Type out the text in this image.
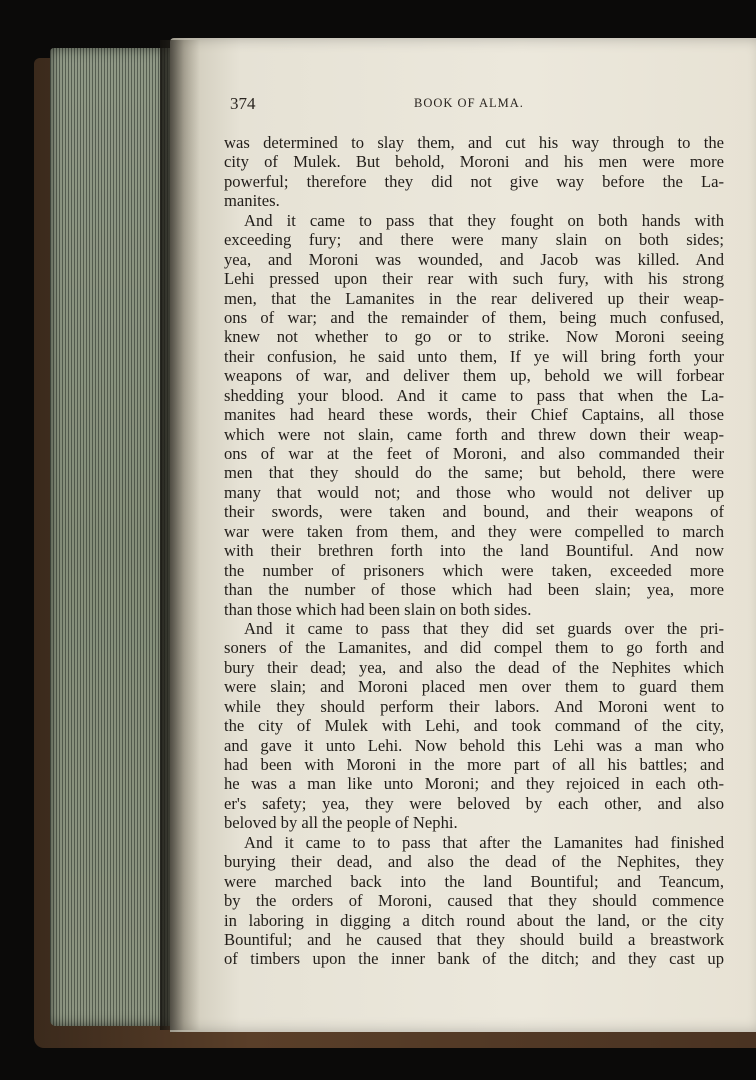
374	BOOK OF ALMA.
was determined to slay them, and cut his way through to the
city of Mulek. But behold, Moroni and his men were more
powerful; therefore they did not give way before the La-
manites.
And it came to pass that they fought on both hands with
exceeding fury; and there were many slain on both sides;
yea, and Moroni was wounded, and Jacob was killed. And
Lehi pressed upon their rear with such fury, with his strong
men, that the Lamanites in the rear delivered up their weap-
ons of war; and the remainder of them, being much confused,
knew not whether to go or to strike. Now Moroni seeing
their confusion, he said unto them, If ye will bring forth your
weapons of war, and deliver them up, behold we will forbear
shedding your blood. And it came to pass that when the La-
manites had heard these words, their Chief Captains, all those
which were not slain, came forth and threw down their weap-
ons of war at the feet of Moroni, and also commanded their
men that they should do the same; but behold, there were
many that would not; and those who would not deliver up
their swords, were taken and bound, and their weapons of
war were taken from them, and they were compelled to march
with their brethren forth into the land Bountiful. And now
the number of prisoners which were taken, exceeded more
than the number of those which had been slain; yea, more
than those which had been slain on both sides.
And it came to pass that they did set guards over the pri-
soners of the Lamanites, and did compel them to go forth and
bury their dead; yea, and also the dead of the Nephites which
were slain; and Moroni placed men over them to guard them
while they should perform their labors. And Moroni went to
the city of Mulek with Lehi, and took command of the city,
and gave it unto Lehi. Now behold this Lehi was a man who
had been with Moroni in the more part of all his battles; and
he was a man like unto Moroni; and they rejoiced in each oth-
er's safety; yea, they were beloved by each other, and also
beloved by all the people of Nephi.
And it came to to pass that after the Lamanites had finished
burying their dead, and also the dead of the Nephites, they
were marched back into the land Bountiful; and Teancum,
by the orders of Moroni, caused that they should commence
in laboring in digging a ditch round about the land, or the city
Bountiful; and he caused that they should build a breastwork
of timbers upon the inner bank of the ditch; and they cast up
